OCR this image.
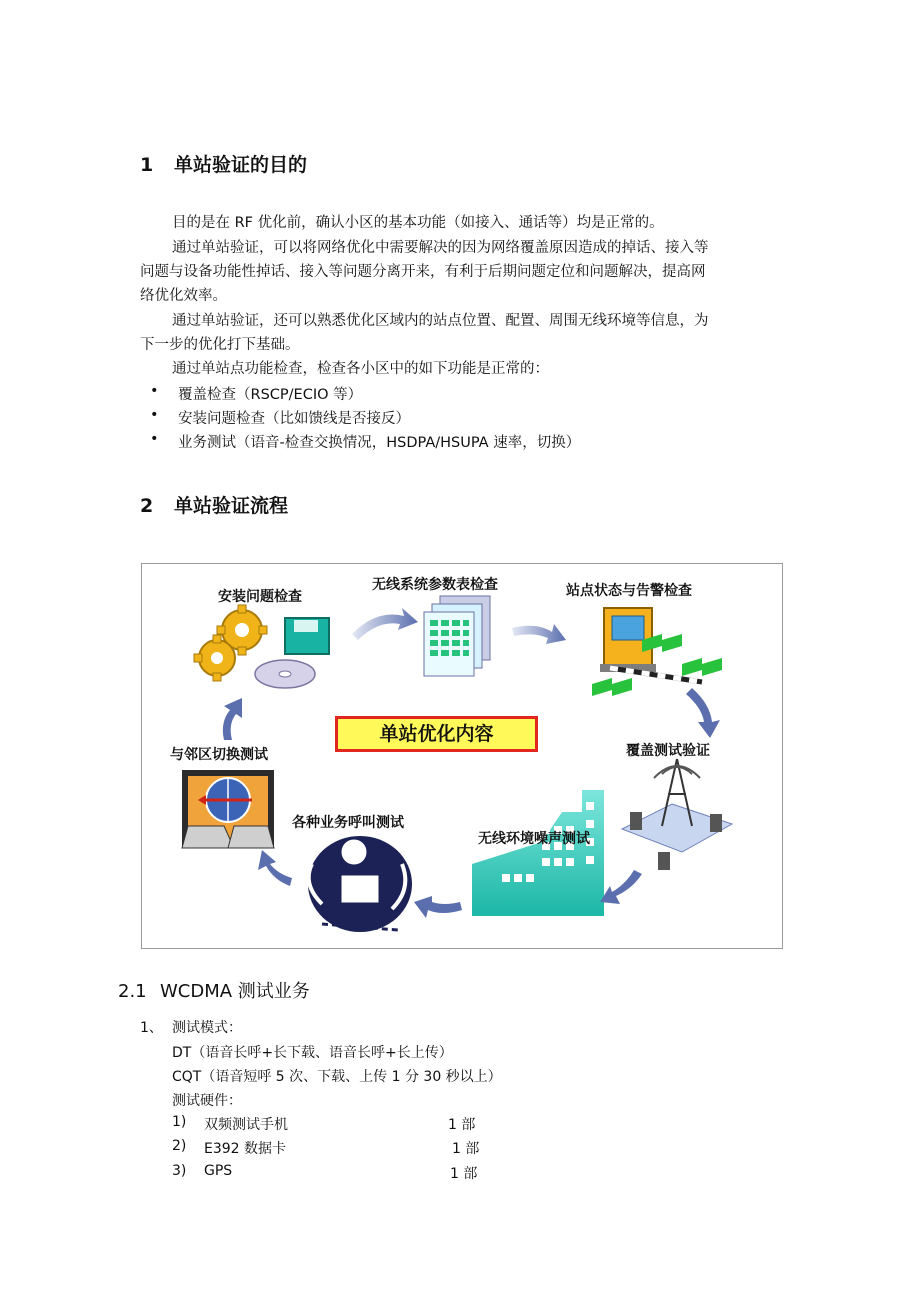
1 单站验证的目的
目的是在 RF 优化前，确认小区的基本功能（如接入、通话等）均是正常的。
通过单站验证，可以将网络优化中需要解决的因为网络覆盖原因造成的掉话、接入等
问题与设备功能性掉话、接入等问题分离开来，有利于后期问题定位和问题解决，提高网
络优化效率。
通过单站验证，还可以熟悉优化区域内的站点位置、配置、周围无线环境等信息，为
下一步的优化打下基础。
通过单站点功能检查，检查各小区中的如下功能是正常的：
• 覆盖检查（RSCP/ECIO 等）
• 安装问题检查（比如馈线是否接反）
• 业务测试（语音-检查交换情况，HSDPA/HSUPA 速率，切换）
2 单站验证流程
安装问题检查
无线系统参数表检查	站点状态与告警检查
覆盖测试验证
无线环境噪声测试
各种业务呼叫测试
与邻区切换测试
单站优化内容
2.1 WCDMA 测试业务
1、 测试模式：
DT（语音长呼+长下载、语音长呼+长上传）
CQT（语音短呼 5 次、下载、上传 1 分 30 秒以上）
测试硬件：
1) 双频测试手机	1 部
2) E392 数据卡	1 部
3) GPS	1 部
